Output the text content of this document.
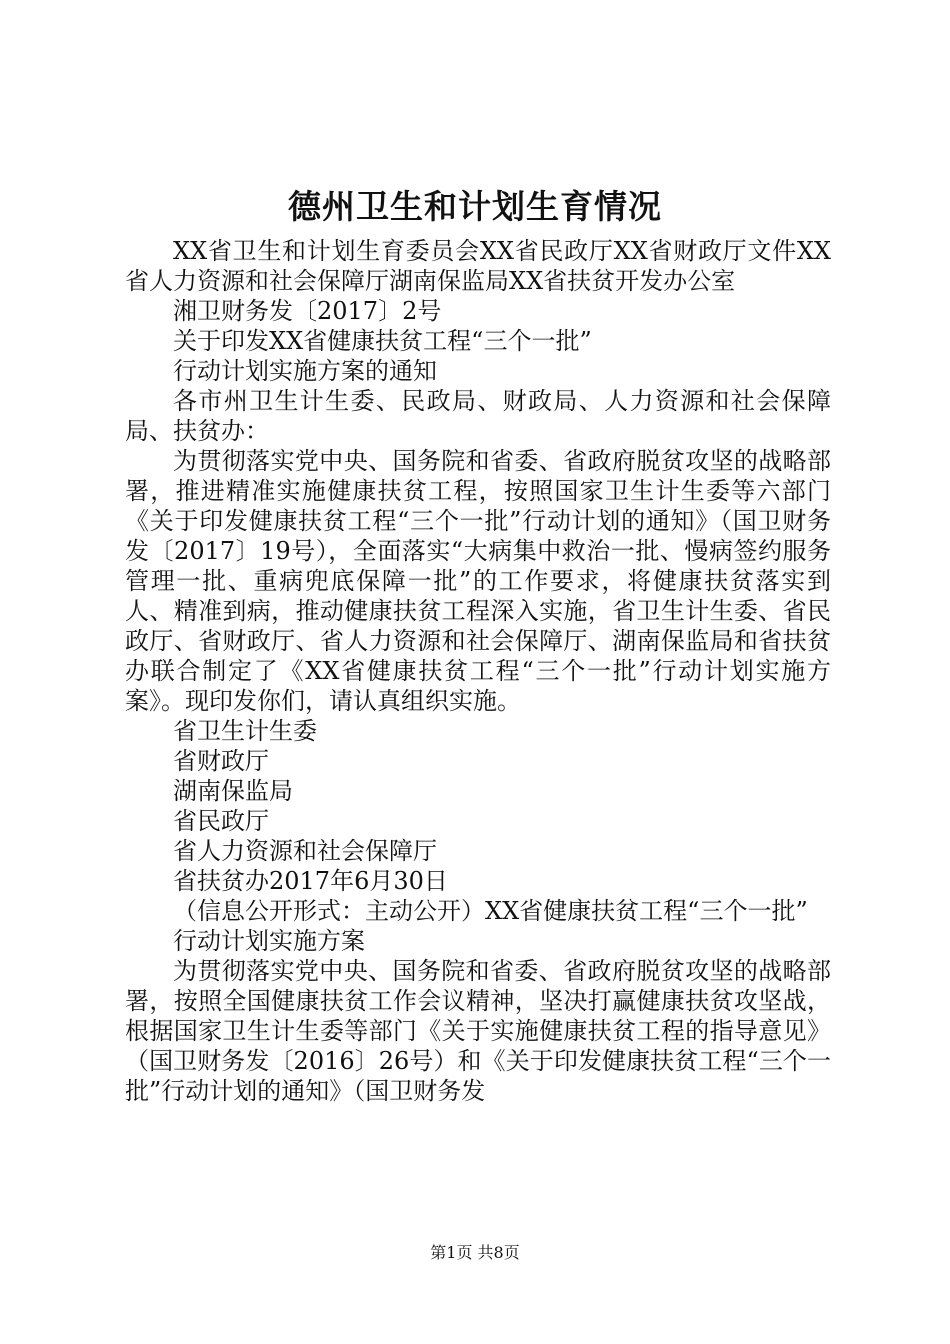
德州卫生和计划生育情况

XX省卫生和计划生育委员会XX省民政厅XX省财政厅文件XX省人力资源和社会保障厅湖南保监局XX省扶贫开发办公室

湘卫财务发〔2017〕2号

关于印发XX省健康扶贫工程“三个一批”

行动计划实施方案的通知

各市州卫生计生委、民政局、财政局、人力资源和社会保障局、扶贫办：

为贯彻落实党中央、国务院和省委、省政府脱贫攻坚的战略部署，推进精准实施健康扶贫工程，按照国家卫生计生委等六部门《关于印发健康扶贫工程“三个一批”行动计划的通知》（国卫财务发〔2017〕19号），全面落实“大病集中救治一批、慢病签约服务管理一批、重病兜底保障一批”的工作要求，将健康扶贫落实到人、精准到病，推动健康扶贫工程深入实施，省卫生计生委、省民政厅、省财政厅、省人力资源和社会保障厅、湖南保监局和省扶贫办联合制定了《XX省健康扶贫工程“三个一批”行动计划实施方案》。现印发你们，请认真组织实施。

省卫生计生委

省财政厅

湖南保监局

省民政厅

省人力资源和社会保障厅

省扶贫办2017年6月30日

（信息公开形式：主动公开）XX省健康扶贫工程“三个一批”

行动计划实施方案

为贯彻落实党中央、国务院和省委、省政府脱贫攻坚的战略部署，按照全国健康扶贫工作会议精神，坚决打赢健康扶贫攻坚战，根据国家卫生计生委等部门《关于实施健康扶贫工程的指导意见》（国卫财务发〔2016〕26号）和《关于印发健康扶贫工程“三个一批”行动计划的通知》（国卫财务发

第1页 共8页
